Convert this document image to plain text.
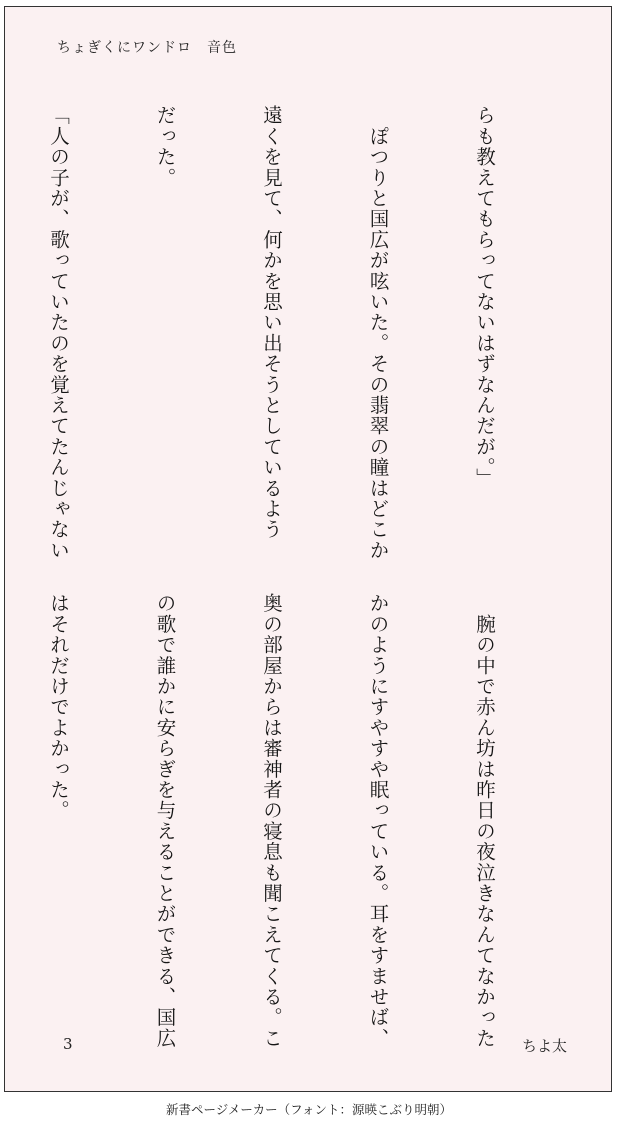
ちょぎくにワンドロ　音色

らも教えてもらってないはずなんだが。」

　ぽつりと国広が呟いた。その翡翠の瞳はどこか

遠くを見て、何かを思い出そうとしているよう

だった。

「人の子が、歌っていたのを覚えてたんじゃない

　腕の中で赤ん坊は昨日の夜泣きなんてなかった

かのようにすやすや眠っている。耳をすませば、

奥の部屋からは審神者の寝息も聞こえてくる。こ

の歌で誰かに安らぎを与えることができる、国広

はそれだけでよかった。

3	ちよ太
新書ページメーカー（フォント：源暎こぶり明朝）
